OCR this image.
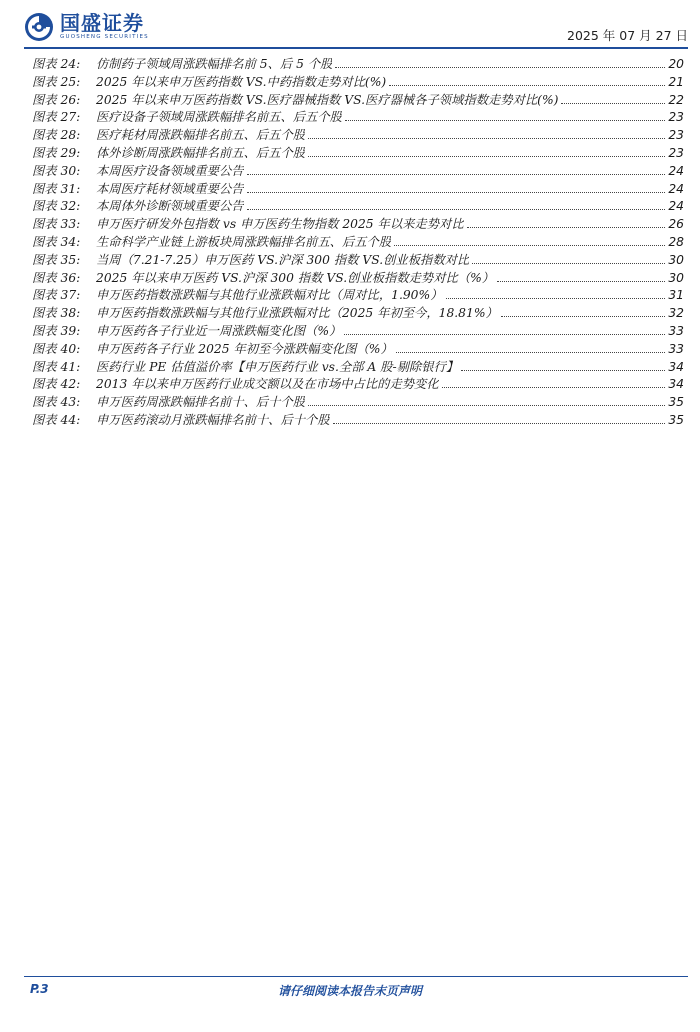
国盛证券
GUOSHENG SECURITIES	2025 年 07 月 27 日
图表 24:	仿制药子领域周涨跌幅排名前 5、后 5 个股	20
图表 25:	2025 年以来申万医药指数 VS.中药指数走势对比(%)	21
图表 26:	2025 年以来申万医药指数 VS.医疗器械指数 VS.医疗器械各子领域指数走势对比(%)	22
图表 27:	医疗设备子领域周涨跌幅排名前五、后五个股	23
图表 28:	医疗耗材周涨跌幅排名前五、后五个股	23
图表 29:	体外诊断周涨跌幅排名前五、后五个股	23
图表 30:	本周医疗设备领域重要公告	24
图表 31:	本周医疗耗材领域重要公告	24
图表 32:	本周体外诊断领域重要公告	24
图表 33:	申万医疗研发外包指数 vs 申万医药生物指数 2025 年以来走势对比	26
图表 34:	生命科学产业链上游板块周涨跌幅排名前五、后五个股	28
图表 35:	当周（7.21-7.25）申万医药 VS.沪深 300 指数 VS.创业板指数对比	30
图表 36:	2025 年以来申万医药 VS.沪深 300 指数 VS.创业板指数走势对比（%）	30
图表 37:	申万医药指数涨跌幅与其他行业涨跌幅对比（周对比，1.90%）	31
图表 38:	申万医药指数涨跌幅与其他行业涨跌幅对比（2025 年初至今，18.81%）	32
图表 39:	申万医药各子行业近一周涨跌幅变化图（%）	33
图表 40:	申万医药各子行业 2025 年初至今涨跌幅变化图（%）	33
图表 41:	医药行业 PE 估值溢价率【申万医药行业 vs.全部 A 股-剔除银行】	34
图表 42:	2013 年以来申万医药行业成交额以及在市场中占比的走势变化	34
图表 43:	申万医药周涨跌幅排名前十、后十个股	35
图表 44:	申万医药滚动月涨跌幅排名前十、后十个股	35
P.3	请仔细阅读本报告末页声明
